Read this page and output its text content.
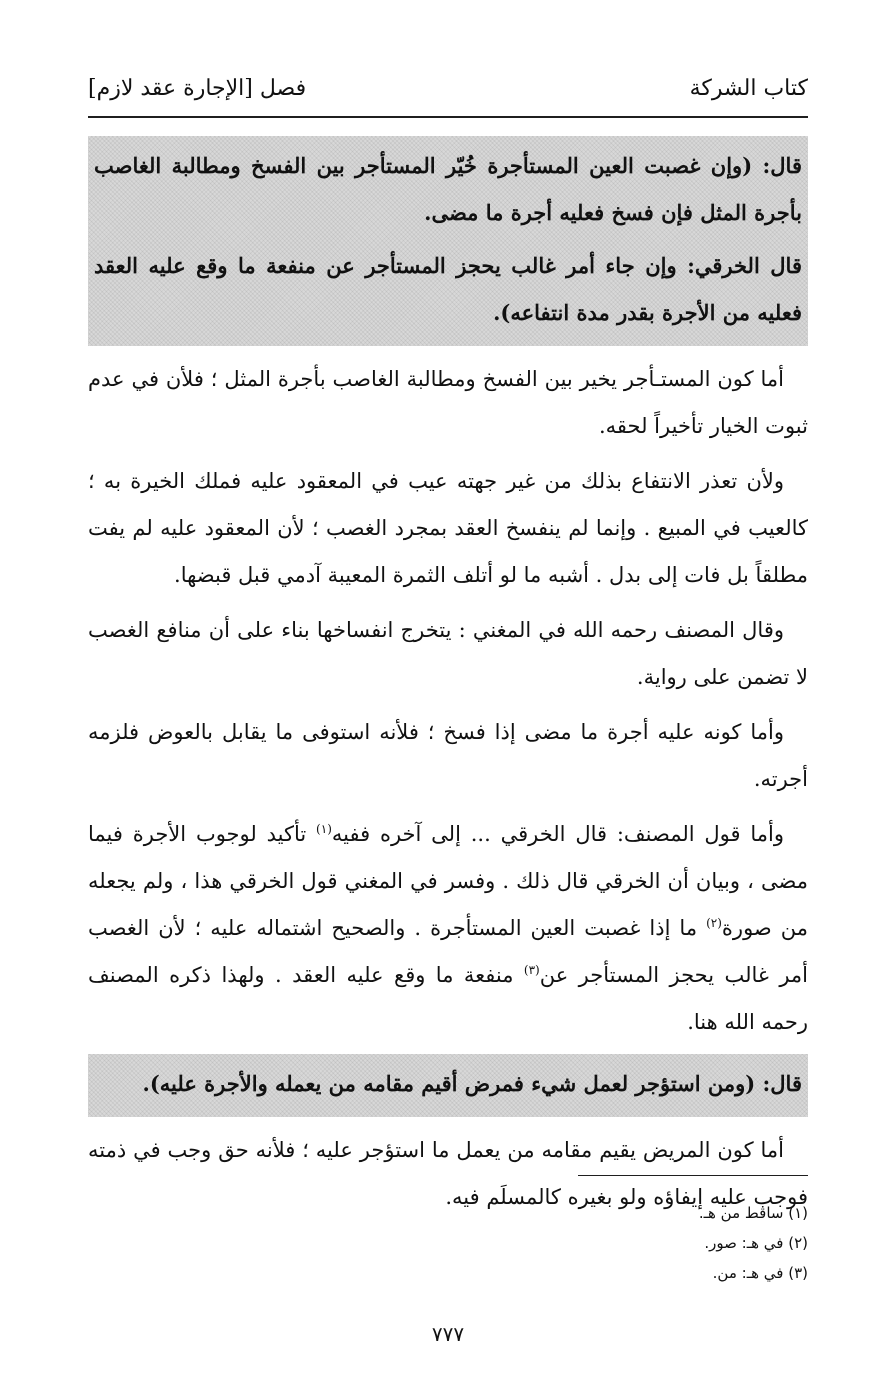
كتاب الشركة
فصل [الإجارة عقد لازم]

قال: (وإن غصبت العين المستأجرة خُيّر المستأجر بين الفسخ ومطالبة الغاصب بأجرة المثل فإن فسخ فعليه أجرة ما مضى.

قال الخرقي: وإن جاء أمر غالب يحجز المستأجر عن منفعة ما وقع عليه العقد فعليه من الأجرة بقدر مدة انتفاعه).

أما كون المستـأجر يخير بين الفسخ ومطالبة الغاصب بأجرة المثل ؛ فلأن في عدم ثبوت الخيار تأخيراً لحقه.

ولأن تعذر الانتفاع بذلك من غير جهته عيب في المعقود عليه فملك الخيرة به ؛ كالعيب في المبيع . وإنما لم ينفسخ العقد بمجرد الغصب ؛ لأن المعقود عليه لم يفت مطلقاً بل فات إلى بدل . أشبه ما لو أتلف الثمرة المعيبة آدمي قبل قبضها.

وقال المصنف رحمه الله في المغني : يتخرج انفساخها بناء على أن منافع الغصب لا تضمن على رواية.

وأما كونه عليه أجرة ما مضى إذا فسخ ؛ فلأنه استوفى ما يقابل بالعوض فلزمه أجرته.

وأما قول المصنف: قال الخرقي ... إلى آخره ففيه$^{(١)}$ تأكيد لوجوب الأجرة فيما مضى ، وبيان أن الخرقي قال ذلك . وفسر في المغني قول الخرقي هذا ، ولم يجعله من صورة$^{(٢)}$ ما إذا غصبت العين المستأجرة . والصحيح اشتماله عليه ؛ لأن الغصب أمر غالب يحجز المستأجر عن$^{(٣)}$ منفعة ما وقع عليه العقد . ولهذا ذكره المصنف رحمه الله هنا.

قال: (ومن استؤجر لعمل شيء فمرض أقيم مقامه من يعمله والأجرة عليه).

أما كون المريض يقيم مقامه من يعمل ما استؤجر عليه ؛ فلأنه حق وجب في ذمته فوجب عليه إيفاؤه ولو بغيره كالمسلَم فيه.

(١) ساقط من هـ.
(٢) في هـ: صور.
(٣) في هـ: من.
٧٧٧
